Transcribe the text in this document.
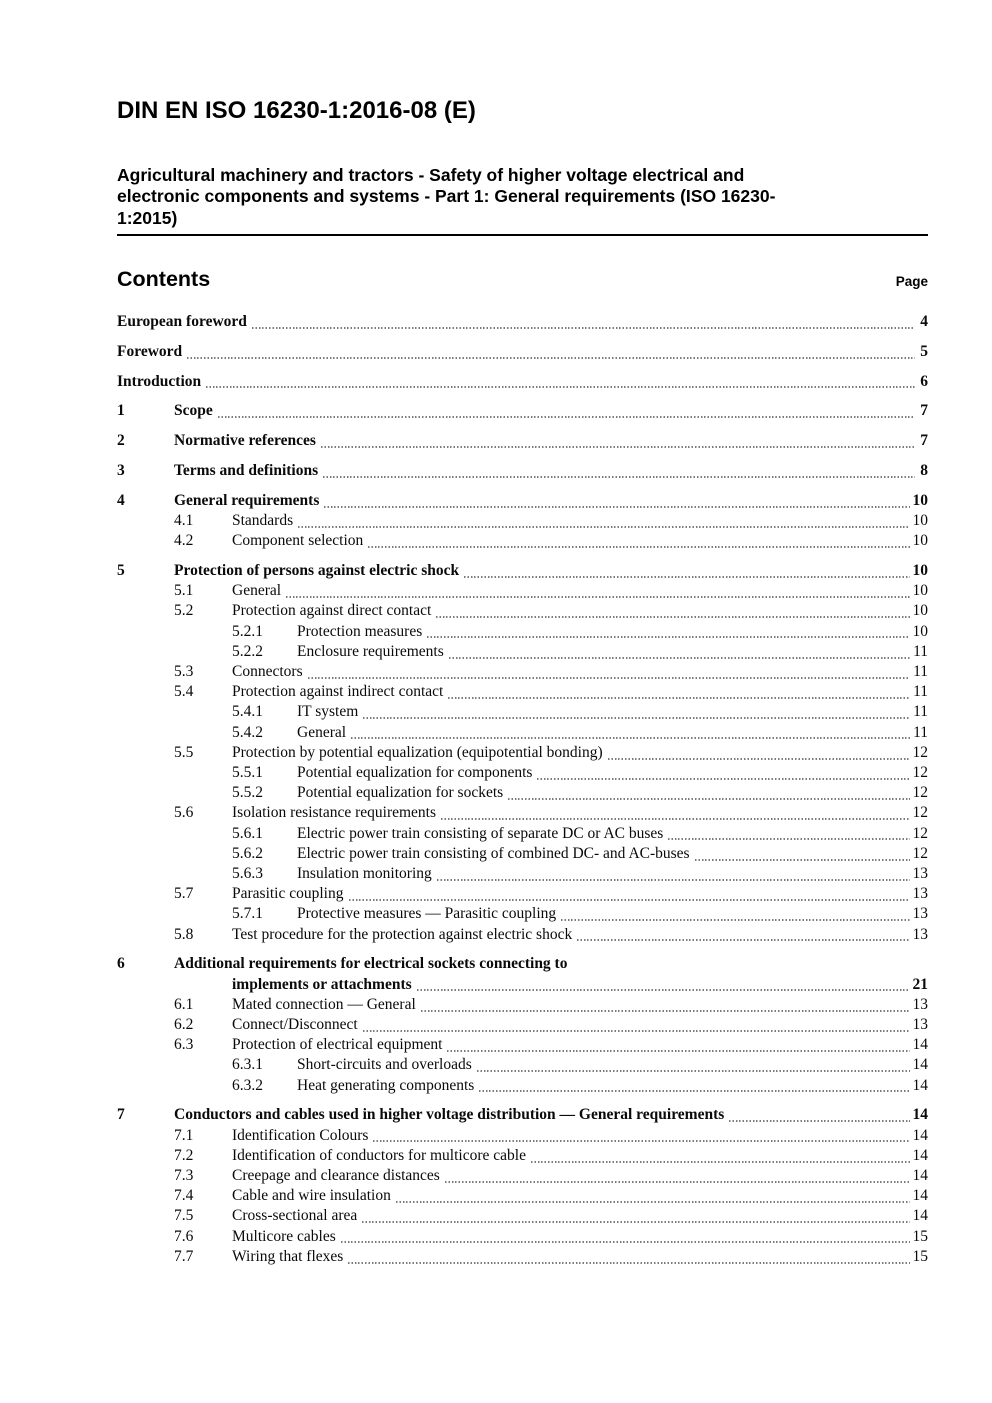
DIN EN ISO 16230-1:2016-08 (E)
Agricultural machinery and tractors - Safety of higher voltage electrical and
electronic components and systems - Part 1: General requirements (ISO 16230-
1:2015)
Contents	Page
European foreword	4
Foreword	5
Introduction	6
1	Scope	7
2	Normative references	7
3	Terms and definitions	8
4	General requirements	10
4.1	Standards	10
4.2	Component selection	10
5	Protection of persons against electric shock	10
5.1	General	10
5.2	Protection against direct contact	10
5.2.1	Protection measures	10
5.2.2	Enclosure requirements	11
5.3	Connectors	11
5.4	Protection against indirect contact	11
5.4.1	IT system	11
5.4.2	General	11
5.5	Protection by potential equalization (equipotential bonding)	12
5.5.1	Potential equalization for components	12
5.5.2	Potential equalization for sockets	12
5.6	Isolation resistance requirements	12
5.6.1	Electric power train consisting of separate DC or AC buses	12
5.6.2	Electric power train consisting of combined DC- and AC-buses	12
5.6.3	Insulation monitoring	13
5.7	Parasitic coupling	13
5.7.1	Protective measures — Parasitic coupling	13
5.8	Test procedure for the protection against electric shock	13
6	Additional requirements for electrical sockets connecting to
implements or attachments	21
6.1	Mated connection — General	13
6.2	Connect/Disconnect	13
6.3	Protection of electrical equipment	14
6.3.1	Short-circuits and overloads	14
6.3.2	Heat generating components	14
7	Conductors and cables used in higher voltage distribution — General requirements	14
7.1	Identification Colours	14
7.2	Identification of conductors for multicore cable	14
7.3	Creepage and clearance distances	14
7.4	Cable and wire insulation	14
7.5	Cross-sectional area	14
7.6	Multicore cables	15
7.7	Wiring that flexes	15
